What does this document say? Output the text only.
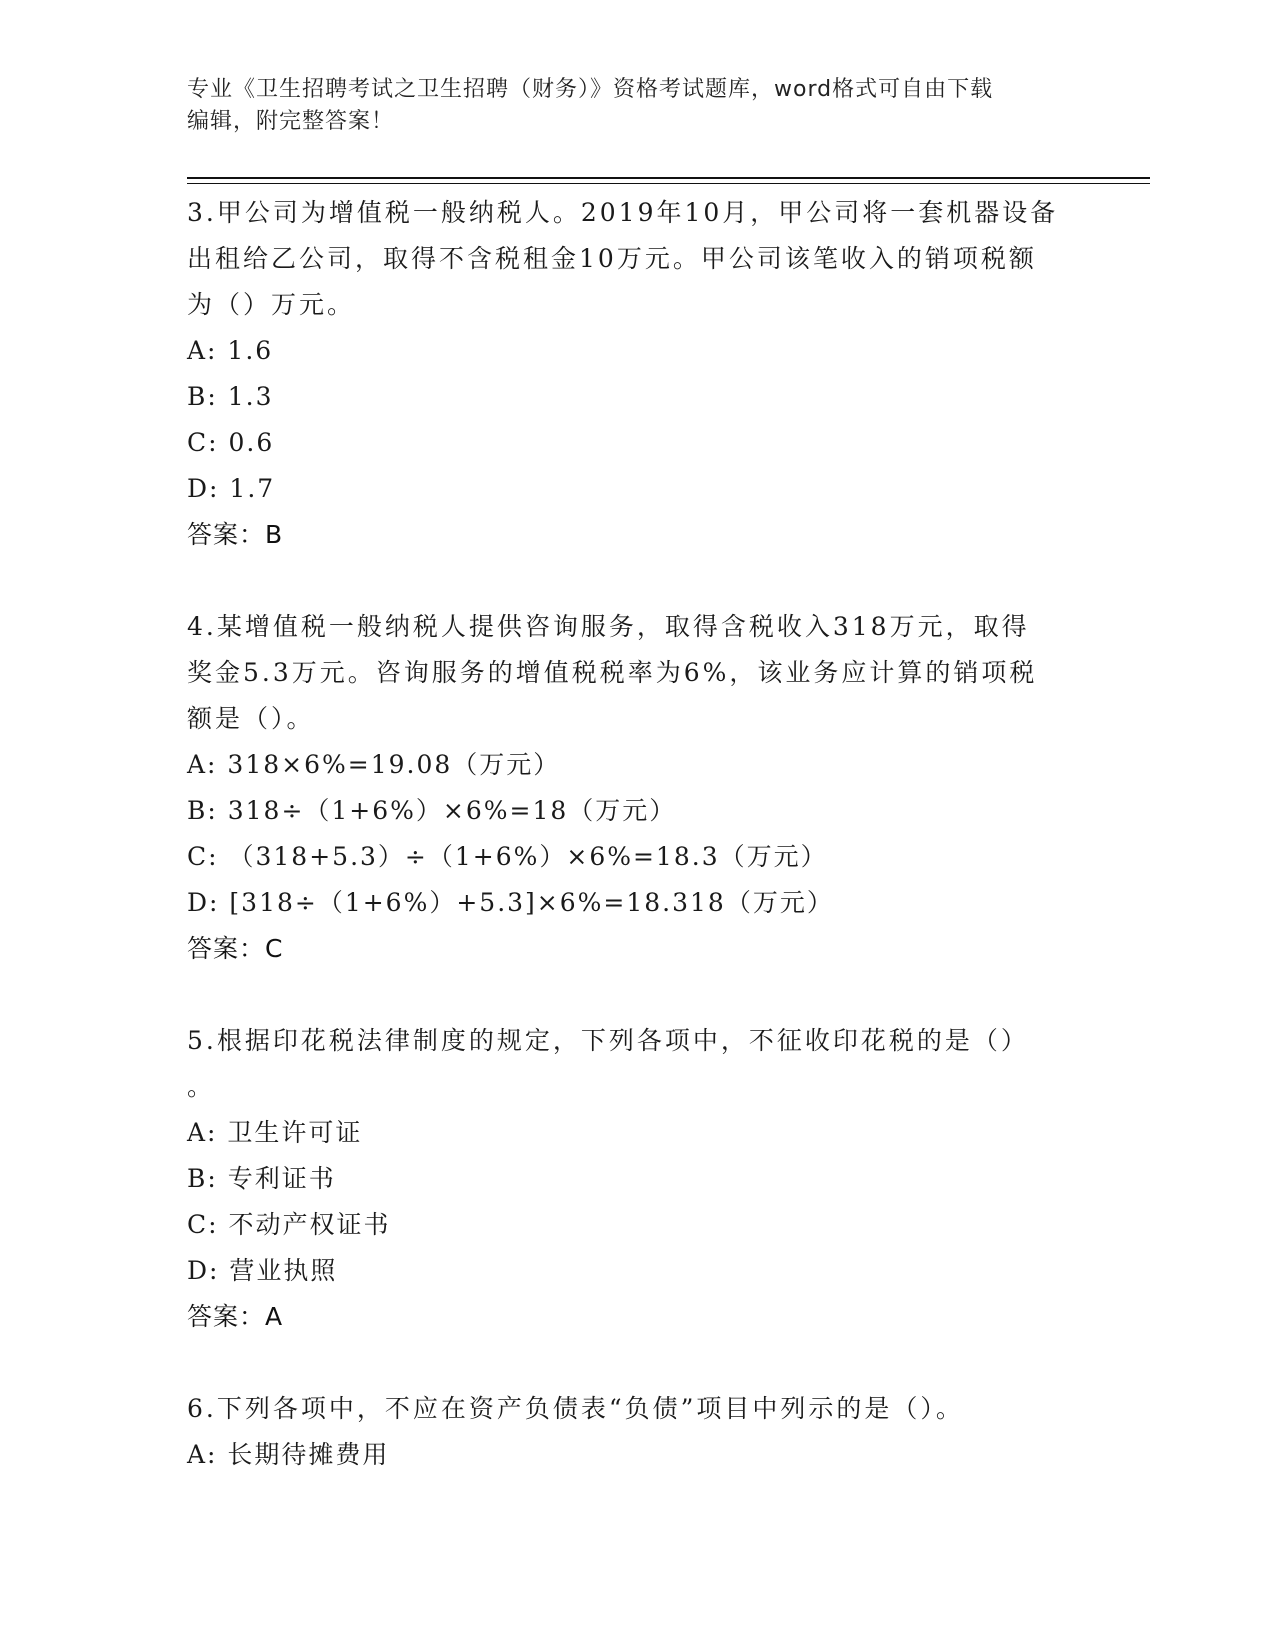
专业《卫生招聘考试之卫生招聘（财务）》资格考试题库，word格式可自由下载
编辑，附完整答案！
3.甲公司为增值税一般纳税人。2019年10月，甲公司将一套机器设备
出租给乙公司，取得不含税租金10万元。甲公司该笔收入的销项税额
为（）万元。
A: 1.6
B: 1.3
C: 0.6
D: 1.7
答案：B
4.某增值税一般纳税人提供咨询服务，取得含税收入318万元，取得
奖金5.3万元。咨询服务的增值税税率为6%，该业务应计算的销项税
额是（）。
A: 318×6%=19.08（万元）
B: 318÷（1+6%）×6%=18（万元）
C: （318+5.3）÷（1+6%）×6%=18.3（万元）
D: [318÷（1+6%）+5.3]×6%=18.318（万元）
答案：C
5.根据印花税法律制度的规定，下列各项中，不征收印花税的是（）
。
A: 卫生许可证
B: 专利证书
C: 不动产权证书
D: 营业执照
答案：A
6.下列各项中，不应在资产负债表“负债”项目中列示的是（）。
A: 长期待摊费用
